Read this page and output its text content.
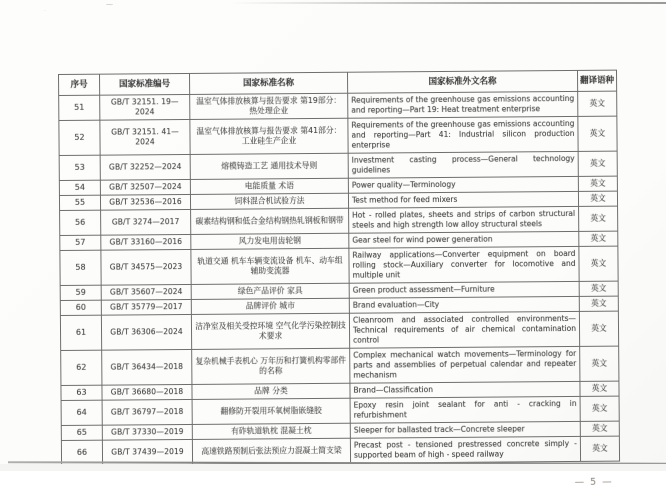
⁓
·
序号	国家标准编号	国家标准名称	国家标准外文名称	翻译语种
51	GB/T 32151. 19—2024	温室气体排放核算与报告要求 第19部分：热处理企业	Requirements of the greenhouse gas emissions accounting and reporting—Part 19: Heat treatment enterprise	英文
52	GB/T 32151. 41—2024	温室气体排放核算与报告要求 第41部分：工业硅生产企业	Requirements of the greenhouse gas emissions accounting and reporting—Part 41: Industrial silicon production enterprise	英文
53	GB/T 32252—2024	熔模铸造工艺 通用技术导则	Investment casting process—General technology guidelines	英文
54	GB/T 32507—2024	电能质量 术语	Power quality—Terminology	英文
55	GB/T 32536—2016	饲料混合机试验方法	Test method for feed mixers	英文
56	GB/T 3274—2017	碳素结构钢和低合金结构钢热轧钢板和钢带	Hot - rolled plates, sheets and strips of carbon structural steels and high strength low alloy structural steels	英文
57	GB/T 33160—2016	风力发电用齿轮钢	Gear steel for wind power generation	英文
58	GB/T 34575—2023	轨道交通 机车车辆变流设备 机车、动车组辅助变流器	Railway applications—Converter equipment on board rolling stock—Auxiliary converter for locomotive and multiple unit	英文
59	GB/T 35607—2024	绿色产品评价 家具	Green product assessment—Furniture	英文
60	GB/T 35779—2017	品牌评价 城市	Brand evaluation—City	英文
61	GB/T 36306—2024	洁净室及相关受控环境 空气化学污染控制技术要求	Cleanroom and associated controlled environments—Technical requirements of air chemical contamination control	英文
62	GB/T 36434—2018	复杂机械手表机心 万年历和打簧机构零部件的名称	Complex mechanical watch movements—Terminology for parts and assemblies of perpetual calendar and repeater mechanism	英文
63	GB/T 36680—2018	品牌 分类	Brand—Classification	英文
64	GB/T 36797—2018	翻修防开裂用环氧树脂嵌缝胶	Epoxy resin joint sealant for anti - cracking in refurbishment	英文
65	GB/T 37330—2019	有砟轨道轨枕 混凝土枕	Sleeper for ballasted track—Concrete sleeper	英文
66	GB/T 37439—2019	高速铁路预制后张法预应力混凝土简支梁	Precast post - tensioned prestressed concrete simply - supported beam of high - speed railway	英文
— 5 —
